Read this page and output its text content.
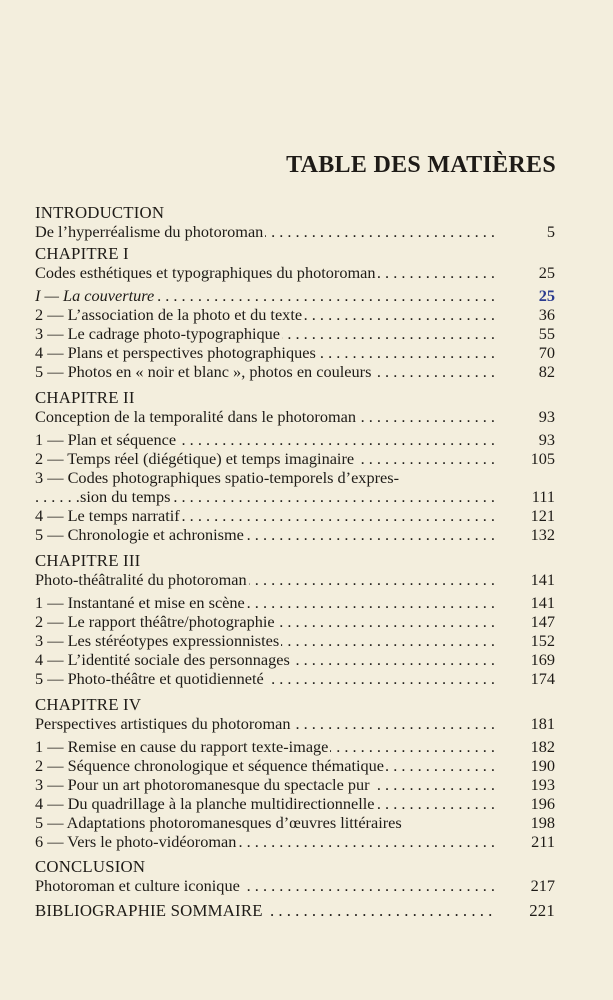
TABLE DES MATIÈRES
INTRODUCTION
. . . De l’hyperréalisme du photoroman	5
CHAPITRE I
. . . Codes esthétiques et typographiques du photoroman	25
. . . I — La couverture	25
. . . 2 — L’association de la photo et du texte	36
. . . 3 — Le cadrage photo-typographique	55
. . . 4 — Plans et perspectives photographiques	70
. . . 5 — Photos en « noir et blanc », photos en couleurs	82
CHAPITRE II
. . . Conception de la temporalité dans le photoroman	93
. . . 1 — Plan et séquence	93
. . . 2 — Temps réel (diégétique) et temps imaginaire	105
3 — Codes photographiques spatio-temporels d’expres-
. . . sion du temps	111
. . . 4 — Le temps narratif	121
. . . 5 — Chronologie et achronisme	132
CHAPITRE III
. . . Photo-théâtralité du photoroman	141
. . . 1 — Instantané et mise en scène	141
. . . 2 — Le rapport théâtre/photographie	147
. . . 3 — Les stéréotypes expressionnistes	152
. . . 4 — L’identité sociale des personnages	169
. . . 5 — Photo-théâtre et quotidienneté	174
CHAPITRE IV
. . . Perspectives artistiques du photoroman	181
. . . 1 — Remise en cause du rapport texte-image	182
. . . 2 — Séquence chronologique et séquence thématique	190
. . . 3 — Pour un art photoromanesque du spectacle pur	193
. . . 4 — Du quadrillage à la planche multidirectionnelle	196
5 — Adaptations photoromanesques d’œuvres littéraires	198
. . . 6 — Vers le photo-vidéoroman	211
CONCLUSION
. . . Photoroman et culture iconique	217
. . . BIBLIOGRAPHIE SOMMAIRE	221
